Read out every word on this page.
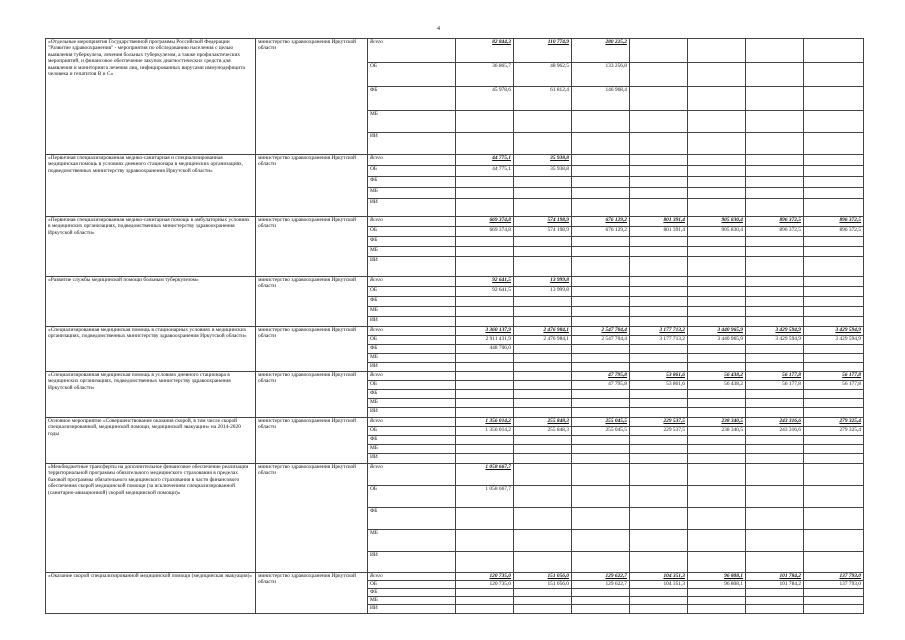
4
«Отдельные мероприятия Государственной программы Российской Федерации "Развитие здравоохранения" - мероприятия по обследованию населения с целью выявления туберкулеза, лечения больных туберкулезом, а также профилактических мероприятий, и финансовое обеспечение закупок диагностических средств для выявления и мониторинга лечения лиц, инфицированных вирусами иммунодефицита человека и гепатитов В и С»	министерство здравоохранения Иркутской области	Всего	82 844,3	110 774,9	280 225,2				
		ОБ	36 865,7	48 962,5	133 256,8				
		ФБ	45 978,6	61 812,4	146 968,4				
		МБ							
		ИИ							
«Первичная специализированная медико-санитарная и специализированная медицинская помощь в условиях дневного стационара в медицинских организациях, подведомственных министерству здравоохранения Иркутской области»	министерство здравоохранения Иркутской области	Всего	44 775,1	35 938,8					
		ОБ	44 775,1	35 938,8					
		ФБ							
		МБ							
		ИИ							
«Первичная специализированная медико-санитарная помощь в амбулаторных условиях в медицинских организациях, подведомственных министерству здравоохранения Иркутской области»	министерство здравоохранения Иркутской области	Всего	669 374,8	574 198,9	676 129,2	801 391,4	905 830,4	896 372,5	896 372,5
		ОБ	669 374,8	574 198,9	676 129,2	801 391,4	905 830,4	896 372,5	896 372,5
		ФБ							
		МБ							
		ИИ							
«Развитие службы медицинской помощи больным туберкулезом»	министерство здравоохранения Иркутской области	Всего	92 641,5	13 999,8					
		ОБ	92 641,5	13 999,8					
		ФБ							
		МБ							
		ИИ							
«Специализированная медицинская помощь в стационарных условиях в медицинских организациях, подведомственных министерству здравоохранения Иркутской области»	министерство здравоохранения Иркутской области	Всего	3 360 137,9	2 476 984,1	2 547 704,4	3 177 713,2	3 440 965,9	3 429 594,9	3 429 594,9
		ОБ	2 911 431,9	2 476 984,1	2 547 704,4	3 177 713,2	3 440 965,9	3 429 594,9	3 429 594,9
		ФБ	448 706,0						
		МБ							
		ИИ							
«Специализированная медицинская помощь в условиях дневного стационара в медицинских организациях, подведомственных министерству здравоохранения Иркутской области»	министерство здравоохранения Иркутской области	Всего			47 795,8	53 861,6	56 438,2	56 177,8	56 177,8
		ОБ			47 795,8	53 861,6	56 438,2	56 177,8	56 177,8
		ФБ							
		МБ							
		ИИ							
Основное мероприятие «Совершенствование оказания скорой, в том числе скорой специализированной, медицинской помощи, медицинской эвакуации» на 2014-2020 годы	министерство здравоохранения Иркутской области	Всего	1 356 014,2	255 848,3	255 045,5	229 537,5	238 340,5	243 316,6	279 325,4
		ОБ	1 356 014,2	255 848,3	255 045,5	229 537,5	238 340,5	243 316,6	279 325,4
		ФБ							
		МБ							
		ИИ							
«Межбюджетные трансферты на дополнительное финансовое обеспечение реализации территориальной программы обязательного медицинского страхования в пределах базовой программы обязательного медицинского страхования в части финансового обеспечения скорой медицинской помощи (за исключением специализированной (санитарно-авиационной) скорой медицинской помощи)»	министерство здравоохранения Иркутской области	Всего	1 058 667,7						
		ОБ	1 058 667,7						
		ФБ							
		МБ							
		ИИ							
«Оказание скорой специализированной медицинской помощи (медицинская эвакуация)»	министерство здравоохранения Иркутской области	Всего	120 735,0	151 056,0	129 622,7	104 351,3	96 808,1	101 784,2	137 793,0
		ОБ	120 735,0	151 056,0	129 622,7	104 351,3	96 808,1	101 784,2	137 793,0
		ФБ							
		МБ							
		ИИ							
